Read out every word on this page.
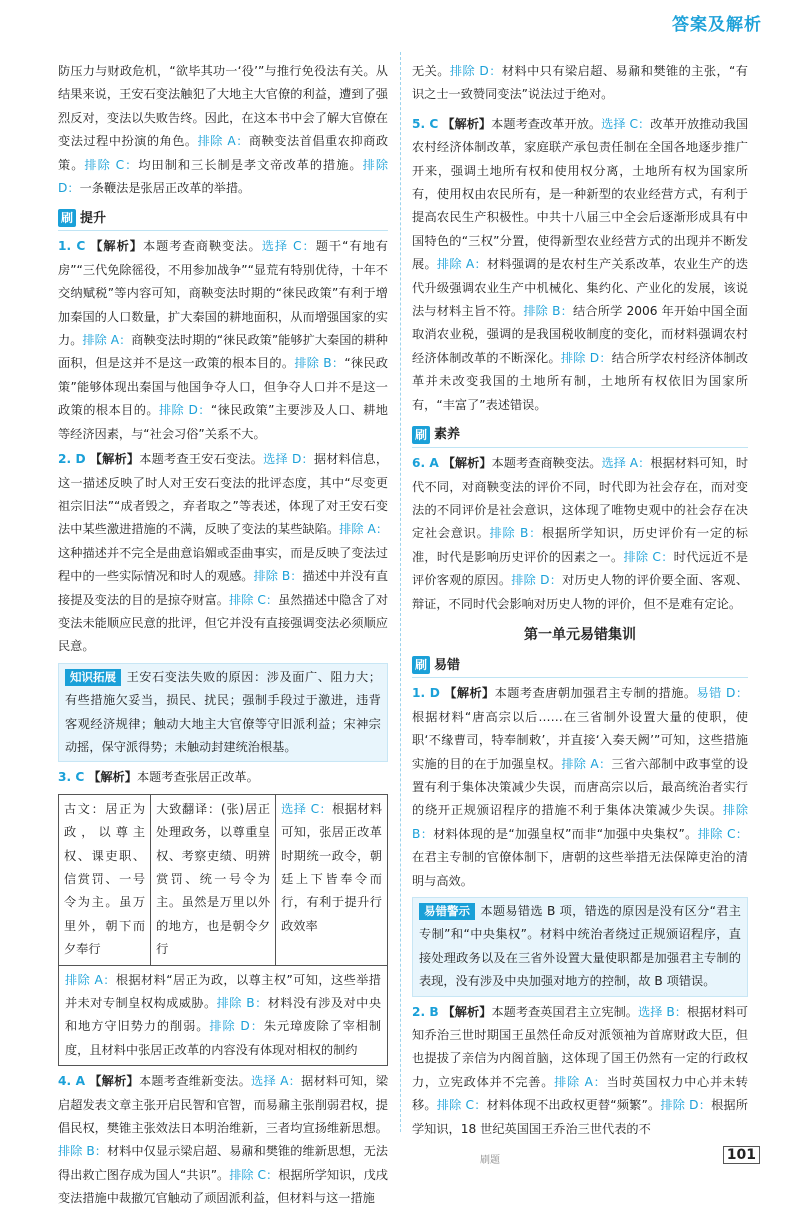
答案及解析

防压力与财政危机，“欲毕其功一‘役’”与推行免役法有关。从结果来说，王安石变法触犯了大地主大官僚的利益，遭到了强烈反对，变法以失败告终。因此，在这本书中会了解大官僚在变法过程中扮演的角色。排除 A：商鞅变法首倡重农抑商政策。排除 C：均田制和三长制是孝文帝改革的措施。排除 D：一条鞭法是张居正改革的举措。

刷 提升

1. C 【解析】本题考查商鞅变法。选择 C：题干“有地有房”“三代免除徭役，不用参加战争”“显荒有特别优待，十年不交纳赋税”等内容可知，商鞅变法时期的“徕民政策”有利于增加秦国的人口数量，扩大秦国的耕地面积，从而增强国家的实力。排除 A：商鞅变法时期的“徕民政策”能够扩大秦国的耕种面积，但是这并不是这一政策的根本目的。排除 B：“徕民政策”能够体现出秦国与他国争夺人口，但争夺人口并不是这一政策的根本目的。排除 D：“徕民政策”主要涉及人口、耕地等经济因素，与“社会习俗”关系不大。

2. D 【解析】本题考查王安石变法。选择 D：据材料信息，这一描述反映了时人对王安石变法的批评态度，其中“尽变更祖宗旧法”“成者毁之，弃者取之”等表述，体现了对王安石变法中某些激进措施的不满，反映了变法的某些缺陷。排除 A：这种描述并不完全是曲意谄媚或歪曲事实，而是反映了变法过程中的一些实际情况和时人的观感。排除 B：描述中并没有直接提及变法的目的是掠夺财富。排除 C：虽然描述中隐含了对变法未能顺应民意的批评，但它并没有直接强调变法必须顺应民意。

知识拓展 王安石变法失败的原因：涉及面广、阻力大；有些措施欠妥当，损民、扰民；强制手段过于激进，违背客观经济规律；触动大地主大官僚等守旧派利益；宋神宗动摇，保守派得势；未触动封建统治根基。

3. C 【解析】本题考查张居正改革。

古文：居正为政，以尊主权、课吏职、信赏罚、一号令为主。虽万里外，朝下而夕奉行	大致翻译：(张)居正处理政务，以尊重皇权、考察吏绩、明辨赏罚、统一号令为主。虽然是万里以外的地方，也是朝令夕行	选择 C：根据材料可知，张居正改革时期统一政令，朝廷上下皆奉令而行，有利于提升行政效率
排除 A：根据材料“居正为政，以尊主权”可知，这些举措并未对专制皇权构成威胁。排除 B：材料没有涉及对中央和地方守旧势力的削弱。排除 D：朱元璋废除了宰相制度，且材料中张居正改革的内容没有体现对相权的制约

4. A 【解析】本题考查维新变法。选择 A：据材料可知，梁启超发表文章主张开启民智和官智，而易鼐主张削弱君权，提倡民权，樊锥主张效法日本明治维新，三者均宣扬维新思想。排除 B：材料中仅显示梁启超、易鼐和樊锥的维新思想，无法得出救亡图存成为国人“共识”。排除 C：根据所学知识，戊戌变法措施中裁撤冗官触动了顽固派利益，但材料与这一措施

无关。排除 D：材料中只有梁启超、易鼐和樊锥的主张，“有识之士一致赞同变法”说法过于绝对。

5. C 【解析】本题考查改革开放。选择 C：改革开放推动我国农村经济体制改革，家庭联产承包责任制在全国各地逐步推广开来，强调土地所有权和使用权分离，土地所有权为国家所有，使用权由农民所有，是一种新型的农业经营方式，有利于提高农民生产积极性。中共十八届三中全会后逐渐形成具有中国特色的“三权”分置，使得新型农业经营方式的出现并不断发展。排除 A：材料强调的是农村生产关系改革，农业生产的迭代升级强调农业生产中机械化、集约化、产业化的发展，该说法与材料主旨不符。排除 B：结合所学 2006 年开始中国全面取消农业税，强调的是我国税收制度的变化，而材料强调农村经济体制改革的不断深化。排除 D：结合所学农村经济体制改革并未改变我国的土地所有制，土地所有权依旧为国家所有，“丰富了”表述错误。

刷 素养

6. A 【解析】本题考查商鞅变法。选择 A：根据材料可知，时代不同，对商鞅变法的评价不同，时代即为社会存在，而对变法的不同评价是社会意识，这体现了唯物史观中的社会存在决定社会意识。排除 B：根据所学知识，历史评价有一定的标准，时代是影响历史评价的因素之一。排除 C：时代远近不是评价客观的原因。排除 D：对历史人物的评价要全面、客观、辩证，不同时代会影响对历史人物的评价，但不是难有定论。

第一单元易错集训
刷 易错

1. D 【解析】本题考查唐朝加强君主专制的措施。易错 D：根据材料“唐高宗以后……在三省制外设置大量的使职，使职‘不缘曹司，特奉制敕’，并直接‘入奏天阙’”可知，这些措施实施的目的在于加强皇权。排除 A：三省六部制中政事堂的设置有利于集体决策减少失误，而唐高宗以后，最高统治者实行的绕开正规颁诏程序的措施不利于集体决策减少失误。排除 B：材料体现的是“加强皇权”而非“加强中央集权”。排除 C：在君主专制的官僚体制下，唐朝的这些举措无法保障吏治的清明与高效。

易错警示 本题易错选 B 项，错选的原因是没有区分“君主专制”和“中央集权”。材料中统治者绕过正规颁诏程序，直接处理政务以及在三省外设置大量使职都是加强君主专制的表现，没有涉及中央加强对地方的控制，故 B 项错误。

2. B 【解析】本题考查英国君主立宪制。选择 B：根据材料可知乔治三世时期国王虽然任命反对派领袖为首席财政大臣，但也提拔了亲信为内阁首脑，这体现了国王仍然有一定的行政权力，立宪政体并不完善。排除 A：当时英国权力中心并未转移。排除 C：材料体现不出政权更替“频繁”。排除 D：根据所学知识，18 世纪英国国王乔治三世代表的不

刷题	101
